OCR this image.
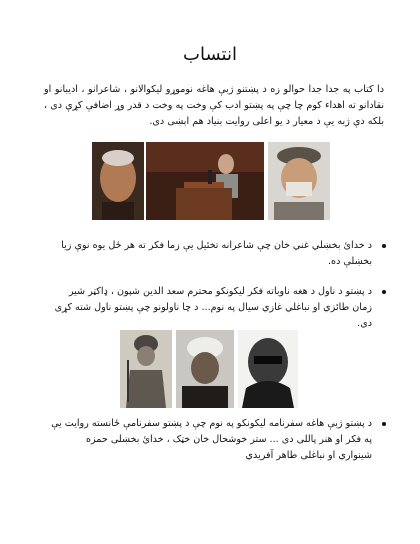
انتساب
دا کتاب په جدا جدا حوالو زه د پښتنو ژبې هاغه نوموړو ليکوالانو ، شاعرانو ، اديبانو او نقادانو ته اهداء کوم چا چې په پښتو ادب کې وخت په وخت د قدر وړ اضافې کړې دی ، بلکه دې ژبه يې د معيار د يو اعلی روايت بنياد هم اېښی دی.
د خدائ بخښلي غني خان چې شاعرانه تخئيل يې زما فکر ته هر ځل يوه نوې زيا بخښلې ده.
د پښتو د ناول د هغه ناوباته فکر ليکونکو محترم سعد الدين شپون ، ډاکټر شير زمان طائزي او نباغلي غازي سيال په نوم... د چا ناولونو چې پښتو ناول شته کړی دی.
د پښتو ژبې هاغه سفرنامه ليکونکو په نوم چې د پښتو سفرنامې ځانسته روايت يې په فکر او هنر پاللی دی ... ستر خوشحال خان خټک ، خدائ بخښلی حمزه شينواري او نباغلی طاهر آفريدي
